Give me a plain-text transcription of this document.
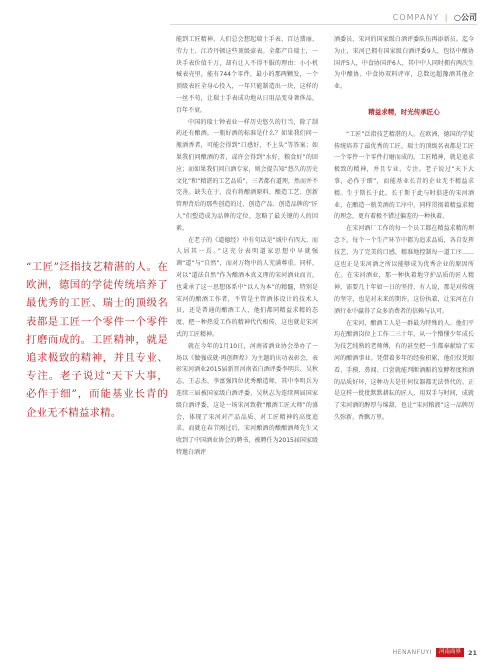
COMPANY | ○公司
“工匠”泛指技艺精湛的人。在欧洲，德国的学徒传统培养了最优秀的工匠、瑞士的顶级名表都是工匠一个零件一个零件打磨而成的。工匠精神，就是追求极致的精神，并且专业、专注。老子说过“天下大事，必作于细”，而能基业长青的企业无不精益求精。

能到工匠精神，人们总会想起瑞士手表、百达翡丽、劳力士、江诗丹顿这些顶级豪表。全都产自瑞士，一块手表价值千万，却有让人不得不服的理由：小小机械表壳里，能有744个零件，最小的那两颗发，一个顶级表匠全身心投入，一年只能制造出一块，这样的一丝不苟，让瑞士手表成功地从日用品变身奢侈品，百年不衰。

中国的瑞士钟表业一样历史悠久的行当，除了制药还有酿酒。一瓶好酒的标准是什么？如果我们问一瓶酒香者，可能会得到“口感好，不上头”等答案；如果我们问酿酒的者，或许会得到“水好，粮食好”的回应；而如果我们问白酒专家，则会提告知“悠久的历史文化”和“精湛的工艺品质”，三者都有道理，然而并不完善。缺失在于，没有将酿酒原料、酿造工艺、创新管理背后的那些创造的过、创造产品、创造品牌的“匠人”们塑造成为品牌的定位，忽略了最关键的人的因素。

在老子的《道德经》中有句话是“域中有四大，而人居其一焉。”这充分表明道家思想中早就强调“道”与“自然”，而对万物中的人充满尊重。同样，对以“道法自然”作为酿酒本真义理的宋河酒业而言，也秉承了这一思想体系中“以人为本”的精髓，特别是宋河的酿酒工作者，不管是主管酒体设计的技术人员，还是普通的酿酒工人，他们都同精益求精的态度，把一种热爱工作的精神代代相传，这也就是宋河式的工匠精神。

就在今年的1月10日，河南省酒业协会举办了一场以《做强成就·再创辉煌》为主题的庆功表彰会，表彰宋河酒业2015届新晋河南省白酒评委李明兵、吴秋志、王志杰、李富强四位优秀酿造师，其中李明兵为连续三届被国家级白酒评委，吴秋志为连续两届国家级白酒评委，这是一场宋河致敬“酿酒工匠大师”的盛会，体现了宋河对产品品质、对工匠精神的高度追求。而就在春节刚过后，宋河酿酒的酿酿酒师先生又收到了中国酒业协会的聘书，被聘任为2015届国家级特邀白酒评

酒委员，宋河的国家级白酒评委队伍再添新员。迄今为止，宋河已拥有国家级白酒评委9人，包括中酿协国评5人，中食协国评6人，其中中人同时拥有两次生为中酿协、中食协双料评审，总数远超豫酒其他企业。

精益求精，时光传承匠心

“工匠”泛指技艺精湛的人。在欧洲，德国的学徒传统培养了最优秀的工匠，瑞士的顶级名表都是工匠一个零件一个零件打磨而成的。工匠精神，就是追求极致的精神，并且专业、专注。老子说过“天下大事，必作于细”，而能基业长青的企业无不精益求精。生于斯长于此，长于斯于此与时俱进的宋河酒业，在酿造一瓶美酒的工序中，同样贯彻着精益求精的理念，更有着极不错过偏差的一种执着。

在宋河酒厂工作的每一个员工都在精益求精的理念下，每个一个生产环节中都为追求品质，各自发挥技艺，为了完美的口感，精准地控制每一道工序……这也正是宋河酒之所以能够成为优秀企业的原因所在。在宋河酒业，那一种执着地守护品质的匠人精神，需要几十年如一日的坚持，有人说，那是对传统的坚守，也是对未来的期许。这份执着，让宋河在白酒行业中赢得了众多消费者的信赖与认可。

在宋河，酿酒工人是一群最为特殊的人。他们平均在酿酒岗位上工作二三十年，从一个懵懂少年成长为技艺纯熟的老师傅，有的甚至把一生都奉献给了宋河的酿酒事业。凭借着多年的经验积累，他们仅凭眼看、手摸、鼻闻、口尝就能判断酒醅的发酵程度和酒的品质好坏，这种功夫是任何仪器都无法替代的。正是这样一批批默默耕耘的匠人，用双手与时间，成就了宋河酒的醇厚与绵甜，也让“宋河粮液”这一品牌历久弥新、香飘万里。

HENANFUYI	河南商界	21
